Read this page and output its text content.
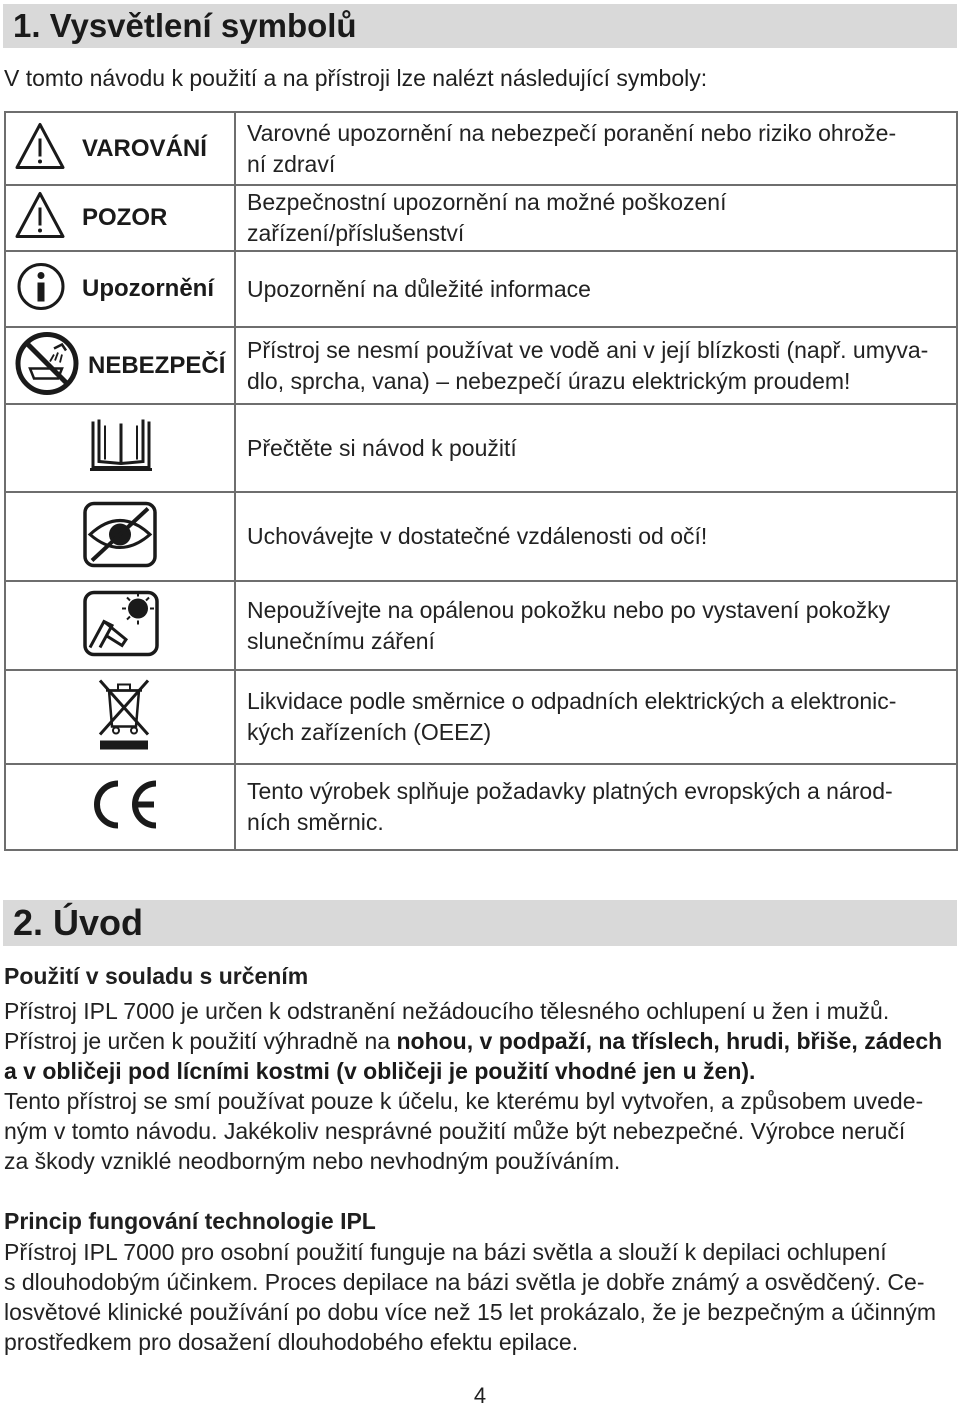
1. Vysvětlení symbolů
V tomto návodu k použití a na přístroji lze nalézt následující symboly:
VAROVÁNÍ	Varovné upozornění na nebezpečí poranění nebo riziko ohrože-
ní zdraví

POZOR	Bezpečnostní upozornění na možné poškození zařízení/příslušenství

Upozornění	Upozornění na důležité informace

NEBEZPEČÍ	Přístroj se nesmí používat ve vodě ani v její blízkosti (např. umyva-
dlo, sprcha, vana) – nebezpečí úrazu elektrickým proudem!

Přečtěte si návod k použití

Uchovávejte v dostatečné vzdálenosti od očí!

Nepoužívejte na opálenou pokožku nebo po vystavení pokožky
slunečnímu záření

Likvidace podle směrnice o odpadních elektrických a elektronic-
kých zařízeních (OEEZ)

Tento výrobek splňuje požadavky platných evropských a národ-
ních směrnic.
2. Úvod
Použití v souladu s určením
Přístroj IPL 7000 je určen k odstranění nežádoucího tělesného ochlupení u žen i mužů.
Přístroj je určen k použití výhradně na nohou, v podpaží, na tříslech, hrudi, břiše, zádech
a v obličeji pod lícními kostmi (v obličeji je použití vhodné jen u žen).
Tento přístroj se smí používat pouze k účelu, ke kterému byl vytvořen, a způsobem uvede-
ným v tomto návodu. Jakékoliv nesprávné použití může být nebezpečné. Výrobce neručí
za škody vzniklé neodborným nebo nevhodným používáním.
Princip fungování technologie IPL
Přístroj IPL 7000 pro osobní použití funguje na bázi světla a slouží k depilaci ochlupení
s dlouhodobým účinkem. Proces depilace na bázi světla je dobře známý a osvědčený. Ce-
losvětové klinické používání po dobu více než 15 let prokázalo, že je bezpečným a účinným
prostředkem pro dosažení dlouhodobého efektu epilace.
4
